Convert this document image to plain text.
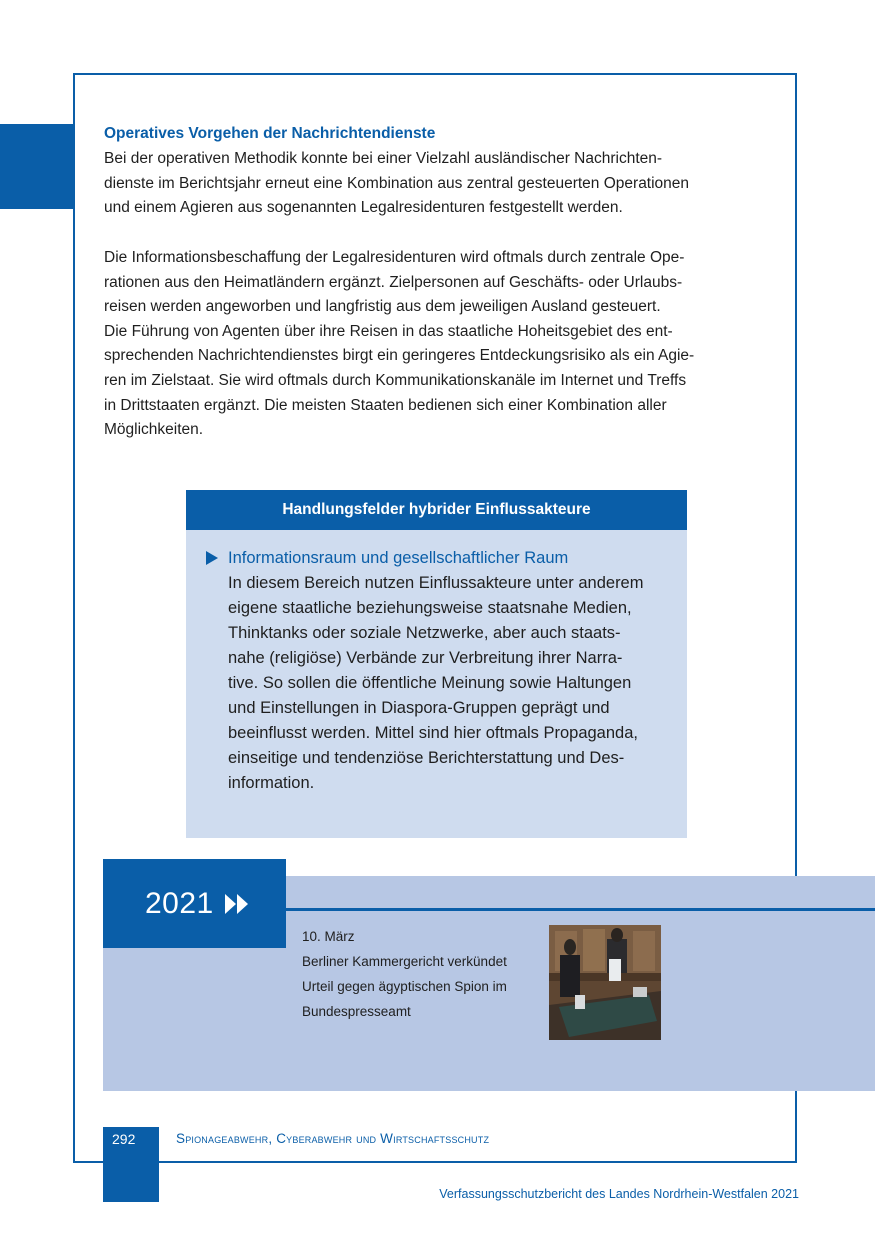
Operatives Vorgehen der Nachrichtendienste

Bei der operativen Methodik konnte bei einer Vielzahl ausländischer Nachrichten-
dienste im Berichtsjahr erneut eine Kombination aus zentral gesteuerten Operationen
und einem Agieren aus sogenannten Legalresidenturen festgestellt werden.

Die Informationsbeschaffung der Legalresidenturen wird oftmals durch zentrale Ope-
rationen aus den Heimatländern ergänzt. Zielpersonen auf Geschäfts- oder Urlaubs-
reisen werden angeworben und langfristig aus dem jeweiligen Ausland gesteuert.
Die Führung von Agenten über ihre Reisen in das staatliche Hoheitsgebiet des ent-
sprechenden Nachrichtendienstes birgt ein geringeres Entdeckungsrisiko als ein Agie-
ren im Zielstaat. Sie wird oftmals durch Kommunikationskanäle im Internet und Treffs
in Drittstaaten ergänzt. Die meisten Staaten bedienen sich einer Kombination aller
Möglichkeiten.

Handlungsfelder hybrider Einflussakteure
Informationsraum und gesellschaftlicher Raum
In diesem Bereich nutzen Einflussakteure unter anderem
eigene staatliche beziehungsweise staatsnahe Medien,
Thinktanks oder soziale Netzwerke, aber auch staats-
nahe (religiöse) Verbände zur Verbreitung ihrer Narra-
tive. So sollen die öffentliche Meinung sowie Haltungen
und Einstellungen in Diaspora-Gruppen geprägt und
beeinflusst werden. Mittel sind hier oftmals Propaganda,
einseitige und tendenziöse Berichterstattung und Des-
information.
2021
10. März
Berliner Kammergericht verkündet
Urteil gegen ägyptischen Spion im
Bundespresseamt
292	Spionageabwehr, Cyberabwehr und Wirtschaftsschutz
Verfassungsschutzbericht des Landes Nordrhein-Westfalen 2021
